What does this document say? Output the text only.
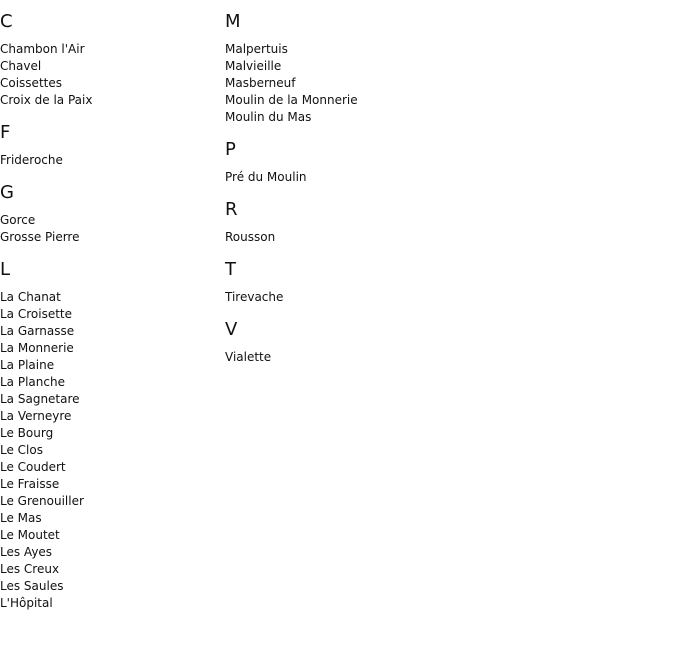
C
Chambon l'Air
Chavel
Coissettes
Croix de la Paix
F
Frideroche
G
Gorce
Grosse Pierre
L
La Chanat
La Croisette
La Garnasse
La Monnerie
La Plaine
La Planche
La Sagnetare
La Verneyre
Le Bourg
Le Clos
Le Coudert
Le Fraisse
Le Grenouiller
Le Mas
Le Moutet
Les Ayes
Les Creux
Les Saules
L'Hôpital
M
Malpertuis
Malvieille
Masberneuf
Moulin de la Monnerie
Moulin du Mas
P
Pré du Moulin
R
Rousson
T
Tirevache
V
Vialette
